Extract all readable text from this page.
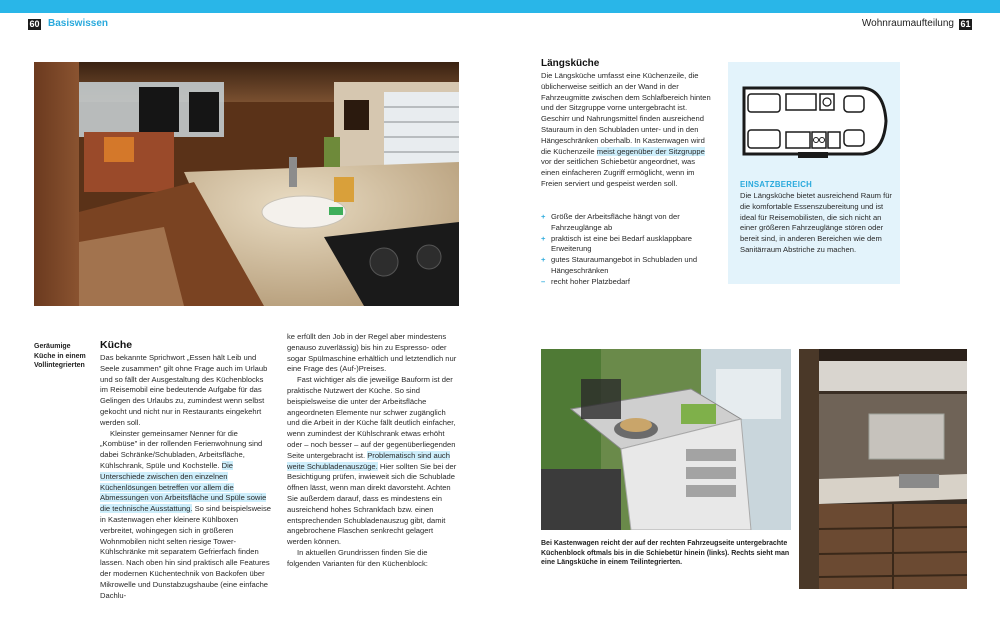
60 Basiswissen	Wohnraumaufteilung 61
Geräumige Küche in einem Vollintegrierten
Küche

Das bekannte Sprichwort „Essen hält Leib und Seele zusammen" gilt ohne Frage auch im Urlaub und so fällt der Ausgestaltung des Küchenblocks im Reisemobil eine bedeutende Aufgabe für das Gelingen des Urlaubs zu, zumindest wenn selbst gekocht und nicht nur in Restaurants eingekehrt werden soll.

Kleinster gemeinsamer Nenner für die „Kombüse" in der rollenden Ferienwohnung sind dabei Schränke/Schubladen, Arbeitsfläche, Kühlschrank, Spüle und Kochstelle. Die Unterschiede zwischen den einzelnen Küchenlösungen betreffen vor allem die Abmessungen von Arbeitsfläche und Spüle sowie die technische Ausstattung. So sind beispielsweise in Kastenwagen eher kleinere Kühlboxen verbreitet, wohingegen sich in größeren Wohnmobilen nicht selten riesige Tower-Kühlschränke mit separatem Gefrierfach finden lassen. Nach oben hin sind praktisch alle Features der modernen Küchentechnik von Backofen über Mikrowelle und Dunstabzugshaube (eine einfache Dachlu-

ke erfüllt den Job in der Regel aber mindestens genauso zuverlässig) bis hin zu Espresso- oder sogar Spülmaschine erhältlich und letztendlich nur eine Frage des (Auf-)Preises.

Fast wichtiger als die jeweilige Bauform ist der praktische Nutzwert der Küche. So sind beispielsweise die unter der Arbeitsfläche angeordneten Elemente nur schwer zugänglich und die Arbeit in der Küche fällt deutlich einfacher, wenn zumindest der Kühlschrank etwas erhöht oder – noch besser – auf der gegenüberliegenden Seite untergebracht ist. Problematisch sind auch weite Schubladenauszüge. Hier sollten Sie bei der Besichtigung prüfen, inwieweit sich die Schublade öffnen lässt, wenn man direkt davorsteht. Achten Sie außerdem darauf, dass es mindestens ein ausreichend hohes Schrankfach bzw. einen entsprechenden Schubladenauszug gibt, damit angebrochene Flaschen senkrecht gelagert werden können.

In aktuellen Grundrissen finden Sie die folgenden Varianten für den Küchenblock:

Längsküche

Die Längsküche umfasst eine Küchenzeile, die üblicherweise seitlich an der Wand in der Fahrzeugmitte zwischen dem Schlafbereich hinten und der Sitzgruppe vorne untergebracht ist. Geschirr und Nahrungsmittel finden ausreichend Stauraum in den Schubladen unter- und in den Hängeschränken oberhalb. In Kastenwagen wird die Küchenzeile meist gegenüber der Sitzgruppe vor der seitlichen Schiebetür angeordnet, was einen einfacheren Zugriff ermöglicht, wenn im Freien serviert und gespeist werden soll.

+ Größe der Arbeitsfläche hängt von der Fahrzeuglänge ab
+ praktisch ist eine bei Bedarf ausklappbare Erweiterung
+ gutes Stauraumangebot in Schubladen und Hängeschränken
– recht hoher Platzbedarf
EINSATZBEREICH
Die Längsküche bietet ausreichend Raum für die komfortable Essenszubereitung und ist ideal für Reisemobilisten, die sich nicht an einer größeren Fahrzeuglänge stören oder bereit sind, in anderen Bereichen wie dem Sanitärraum Abstriche zu machen.
Bei Kastenwagen reicht der auf der rechten Fahrzeugseite untergebrachte Küchenblock oftmals bis in die Schiebetür hinein (links). Rechts sieht man eine Längsküche in einem Teilintegrierten.
